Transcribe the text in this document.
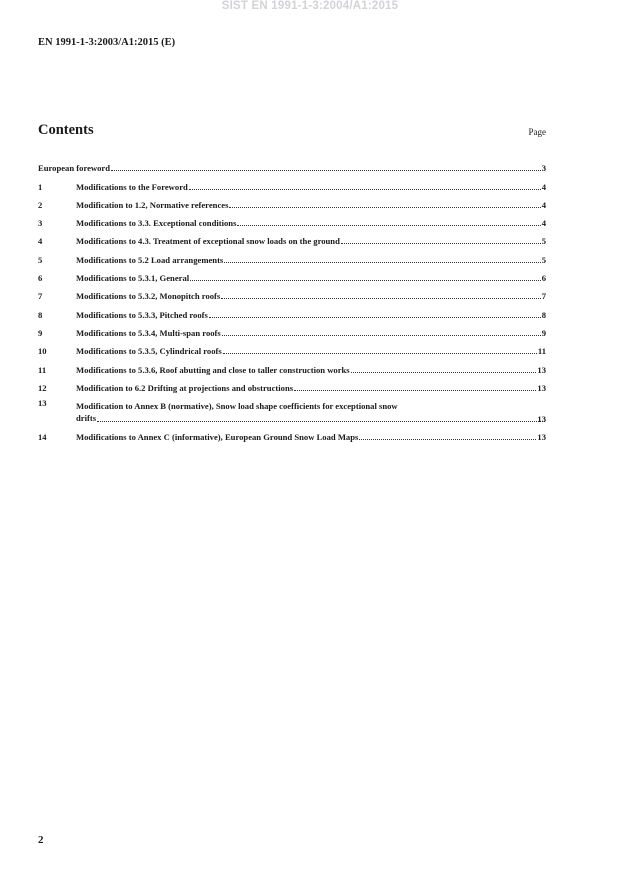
SIST EN 1991-1-3:2004/A1:2015
EN 1991-1-3:2003/A1:2015 (E)
Contents	Page
European foreword	3
1	Modifications to the Foreword	4
2	Modification to 1.2, Normative references	4
3	Modifications to 3.3. Exceptional conditions	4
4	Modifications to 4.3. Treatment of exceptional snow loads on the ground	5
5	Modifications to 5.2 Load arrangements	5
6	Modifications to 5.3.1, General	6
7	Modifications to 5.3.2, Monopitch roofs	7
8	Modifications to 5.3.3, Pitched roofs	8
9	Modifications to 5.3.4, Multi-span roofs	9
10	Modifications to 5.3.5, Cylindrical roofs	11
11	Modifications to 5.3.6, Roof abutting and close to taller construction works	13
12	Modification to 6.2 Drifting at projections and obstructions	13
13	Modification to Annex B (normative), Snow load shape coefficients for exceptional snow
drifts	13
14	Modifications to Annex C (informative), European Ground Snow Load Maps	13
2
